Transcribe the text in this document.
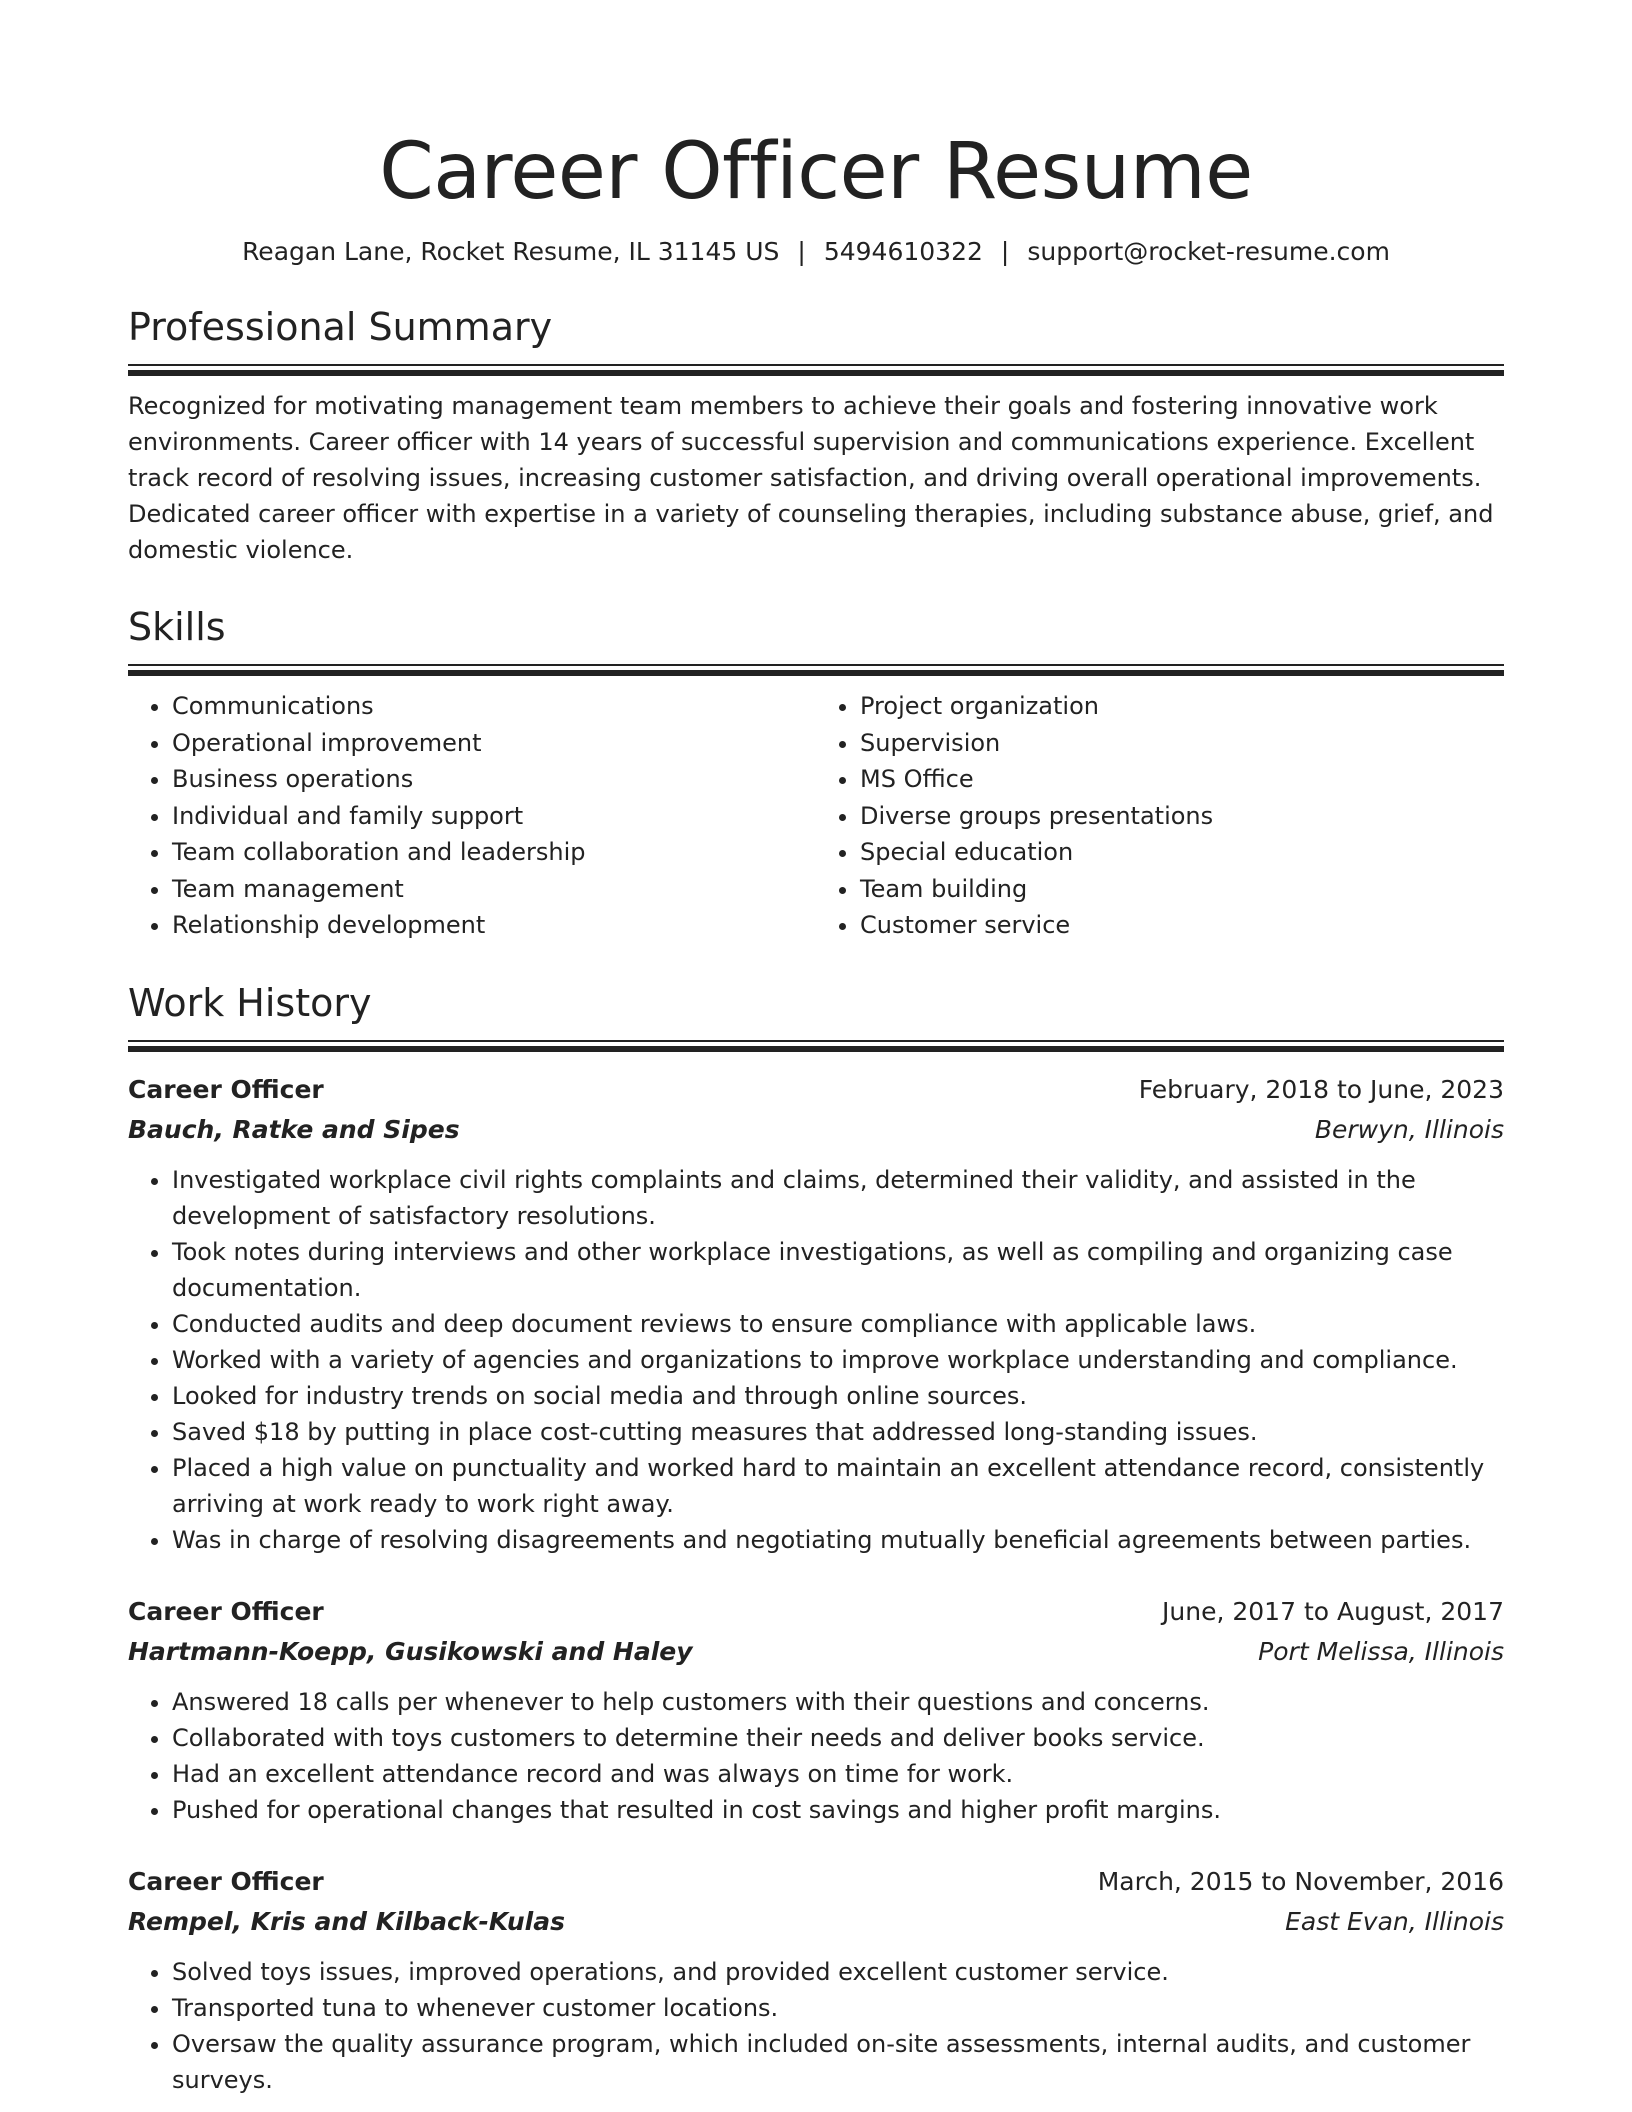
Career Officer Resume
Reagan Lane, Rocket Resume, IL 31145 US | 5494610322 | support@rocket-resume.com
Professional Summary
Recognized for motivating management team members to achieve their goals and fostering innovative work environments. Career officer with 14 years of successful supervision and communications experience. Excellent track record of resolving issues, increasing customer satisfaction, and driving overall operational improvements. Dedicated career officer with expertise in a variety of counseling therapies, including substance abuse, grief, and domestic violence.
Skills
• Communications
• Operational improvement
• Business operations
• Individual and family support
• Team collaboration and leadership
• Team management
• Relationship development
• Project organization
• Supervision
• MS Office
• Diverse groups presentations
• Special education
• Team building
• Customer service
Work History
Career Officer	February, 2018 to June, 2023
Bauch, Ratke and Sipes	Berwyn, Illinois
• Investigated workplace civil rights complaints and claims, determined their validity, and assisted in the development of satisfactory resolutions.
• Took notes during interviews and other workplace investigations, as well as compiling and organizing case documentation.
• Conducted audits and deep document reviews to ensure compliance with applicable laws.
• Worked with a variety of agencies and organizations to improve workplace understanding and compliance.
• Looked for industry trends on social media and through online sources.
• Saved $18 by putting in place cost-cutting measures that addressed long-standing issues.
• Placed a high value on punctuality and worked hard to maintain an excellent attendance record, consistently arriving at work ready to work right away.
• Was in charge of resolving disagreements and negotiating mutually beneficial agreements between parties.
Career Officer	June, 2017 to August, 2017
Hartmann-Koepp, Gusikowski and Haley	Port Melissa, Illinois
• Answered 18 calls per whenever to help customers with their questions and concerns.
• Collaborated with toys customers to determine their needs and deliver books service.
• Had an excellent attendance record and was always on time for work.
• Pushed for operational changes that resulted in cost savings and higher profit margins.
Career Officer	March, 2015 to November, 2016
Rempel, Kris and Kilback-Kulas	East Evan, Illinois
• Solved toys issues, improved operations, and provided excellent customer service.
• Transported tuna to whenever customer locations.
• Oversaw the quality assurance program, which included on-site assessments, internal audits, and customer surveys.
